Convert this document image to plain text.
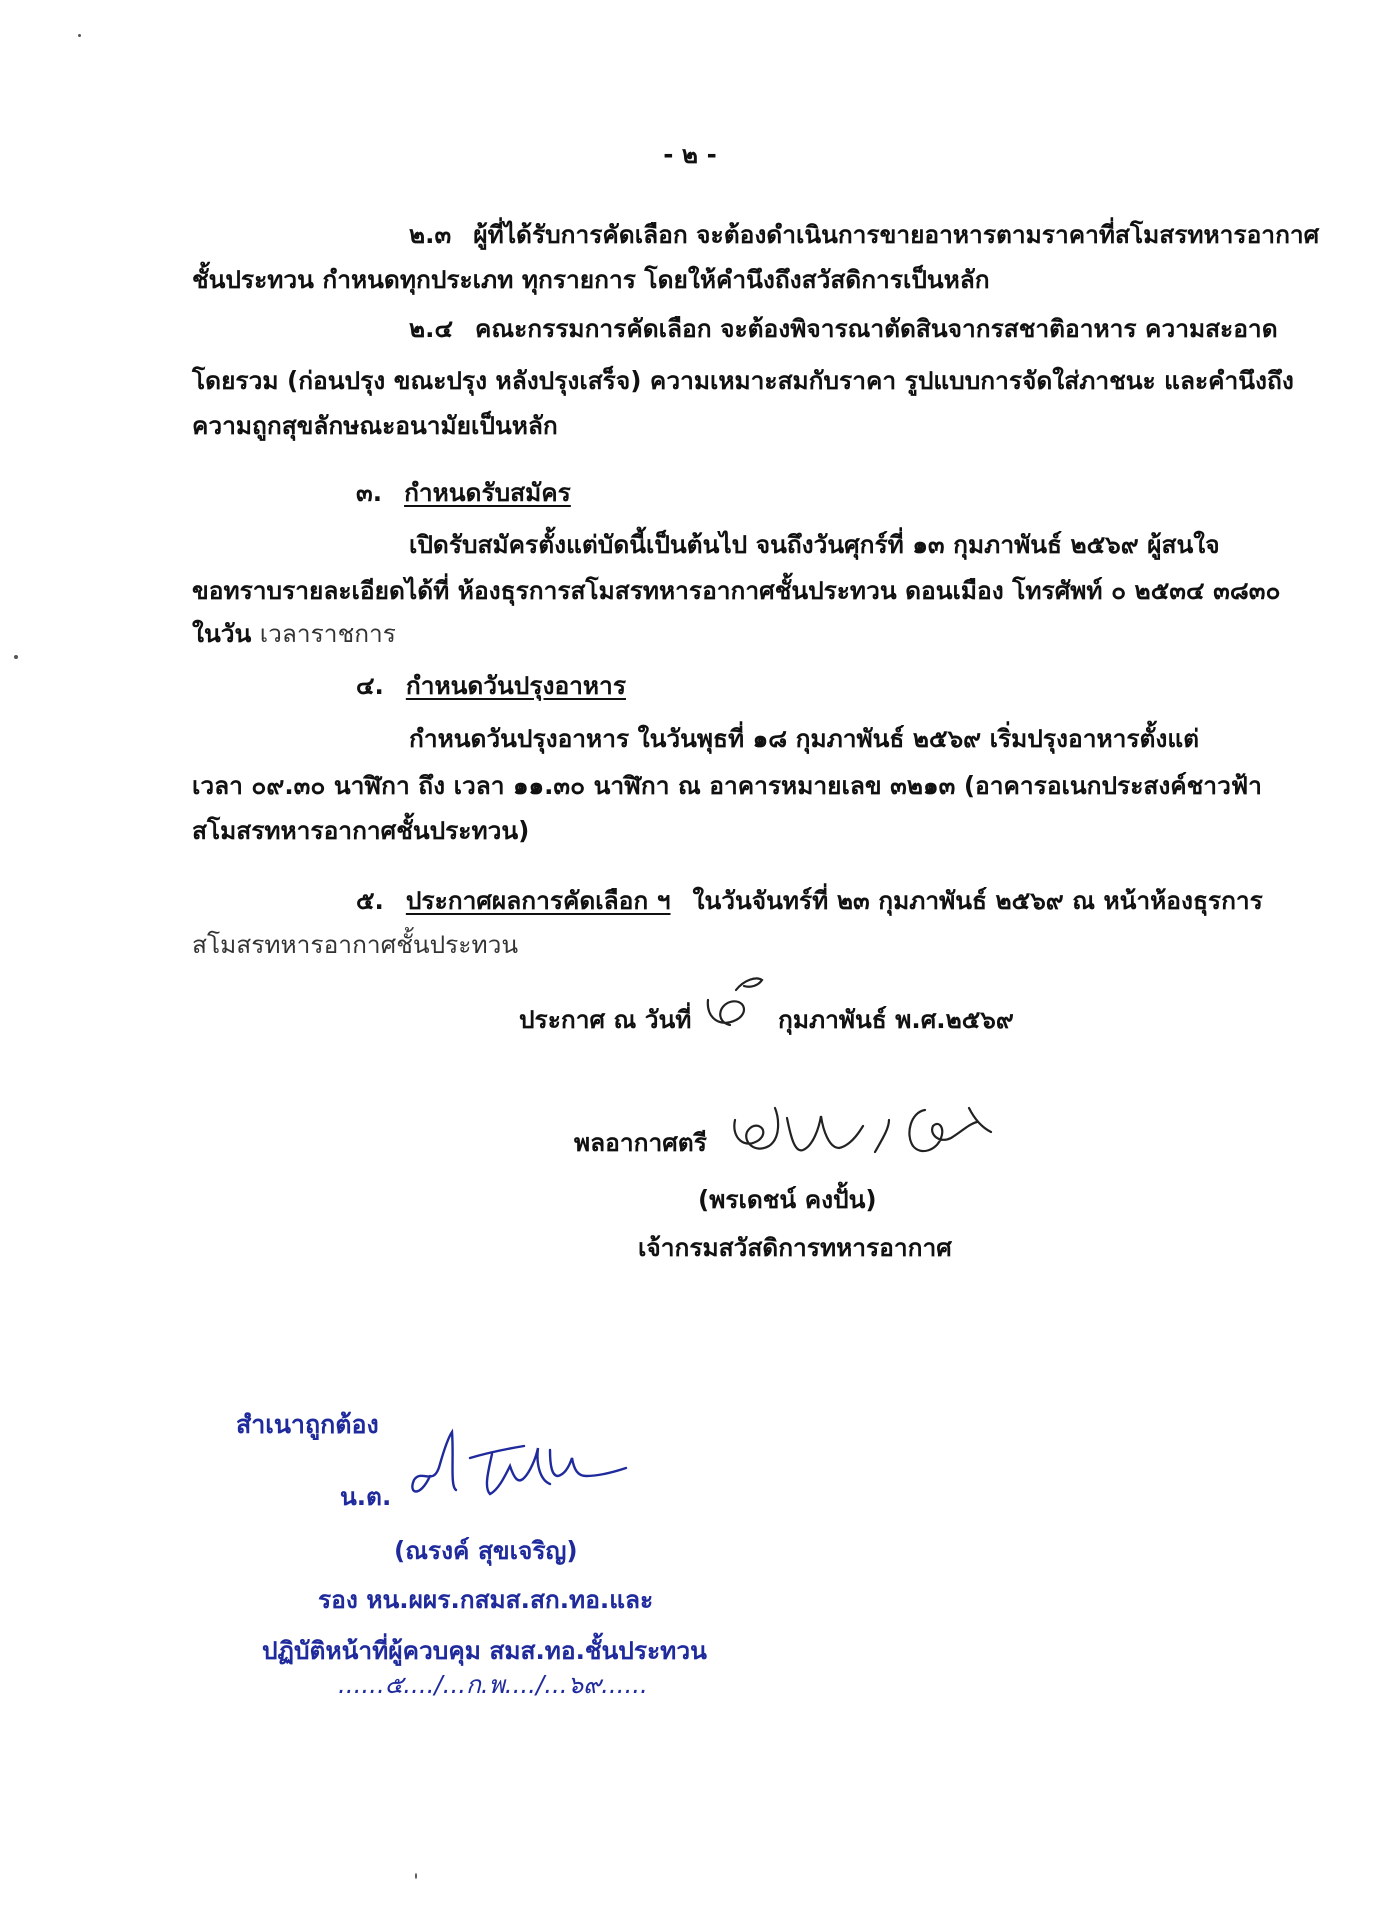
- ๒ -
๒.๓ ผู้ที่ได้รับการคัดเลือก จะต้องดำเนินการขายอาหารตามราคาที่สโมสรทหารอากาศ
ชั้นประทวน กำหนดทุกประเภท ทุกรายการ โดยให้คำนึงถึงสวัสดิการเป็นหลัก
๒.๔ คณะกรรมการคัดเลือก จะต้องพิจารณาตัดสินจากรสชาติอาหาร ความสะอาด
โดยรวม (ก่อนปรุง ขณะปรุง หลังปรุงเสร็จ) ความเหมาะสมกับราคา รูปแบบการจัดใส่ภาชนะ และคำนึงถึง
ความถูกสุขลักษณะอนามัยเป็นหลัก
๓. กำหนดรับสมัคร
เปิดรับสมัครตั้งแต่บัดนี้เป็นต้นไป จนถึงวันศุกร์ที่ ๑๓ กุมภาพันธ์ ๒๕๖๙ ผู้สนใจ
ขอทราบรายละเอียดได้ที่ ห้องธุรการสโมสรทหารอากาศชั้นประทวน ดอนเมือง โทรศัพท์ ๐ ๒๕๓๔ ๓๘๓๐
ในวัน เวลาราชการ
๔. กำหนดวันปรุงอาหาร
กำหนดวันปรุงอาหาร ในวันพุธที่ ๑๘ กุมภาพันธ์ ๒๕๖๙ เริ่มปรุงอาหารตั้งแต่
เวลา ๐๙.๓๐ นาฬิกา ถึง เวลา ๑๑.๓๐ นาฬิกา ณ อาคารหมายเลข ๓๒๑๓ (อาคารอเนกประสงค์ชาวฟ้า
สโมสรทหารอากาศชั้นประทวน)
๕. ประกาศผลการคัดเลือก ฯ ในวันจันทร์ที่ ๒๓ กุมภาพันธ์ ๒๕๖๙ ณ หน้าห้องธุรการ
สโมสรทหารอากาศชั้นประทวน
ประกาศ ณ วันที่	กุมภาพันธ์ พ.ศ.๒๕๖๙
พลอากาศตรี
(พรเดชน์ คงปั้น)
เจ้ากรมสวัสดิการทหารอากาศ
สำเนาถูกต้อง
น.ต.
(ณรงค์ สุขเจริญ)
รอง หน.ผผร.กสมส.สก.ทอ.และ
ปฏิบัติหน้าที่ผู้ควบคุม สมส.ทอ.ชั้นประทวน
......๕..../...ก.พ..../...๖๙......
